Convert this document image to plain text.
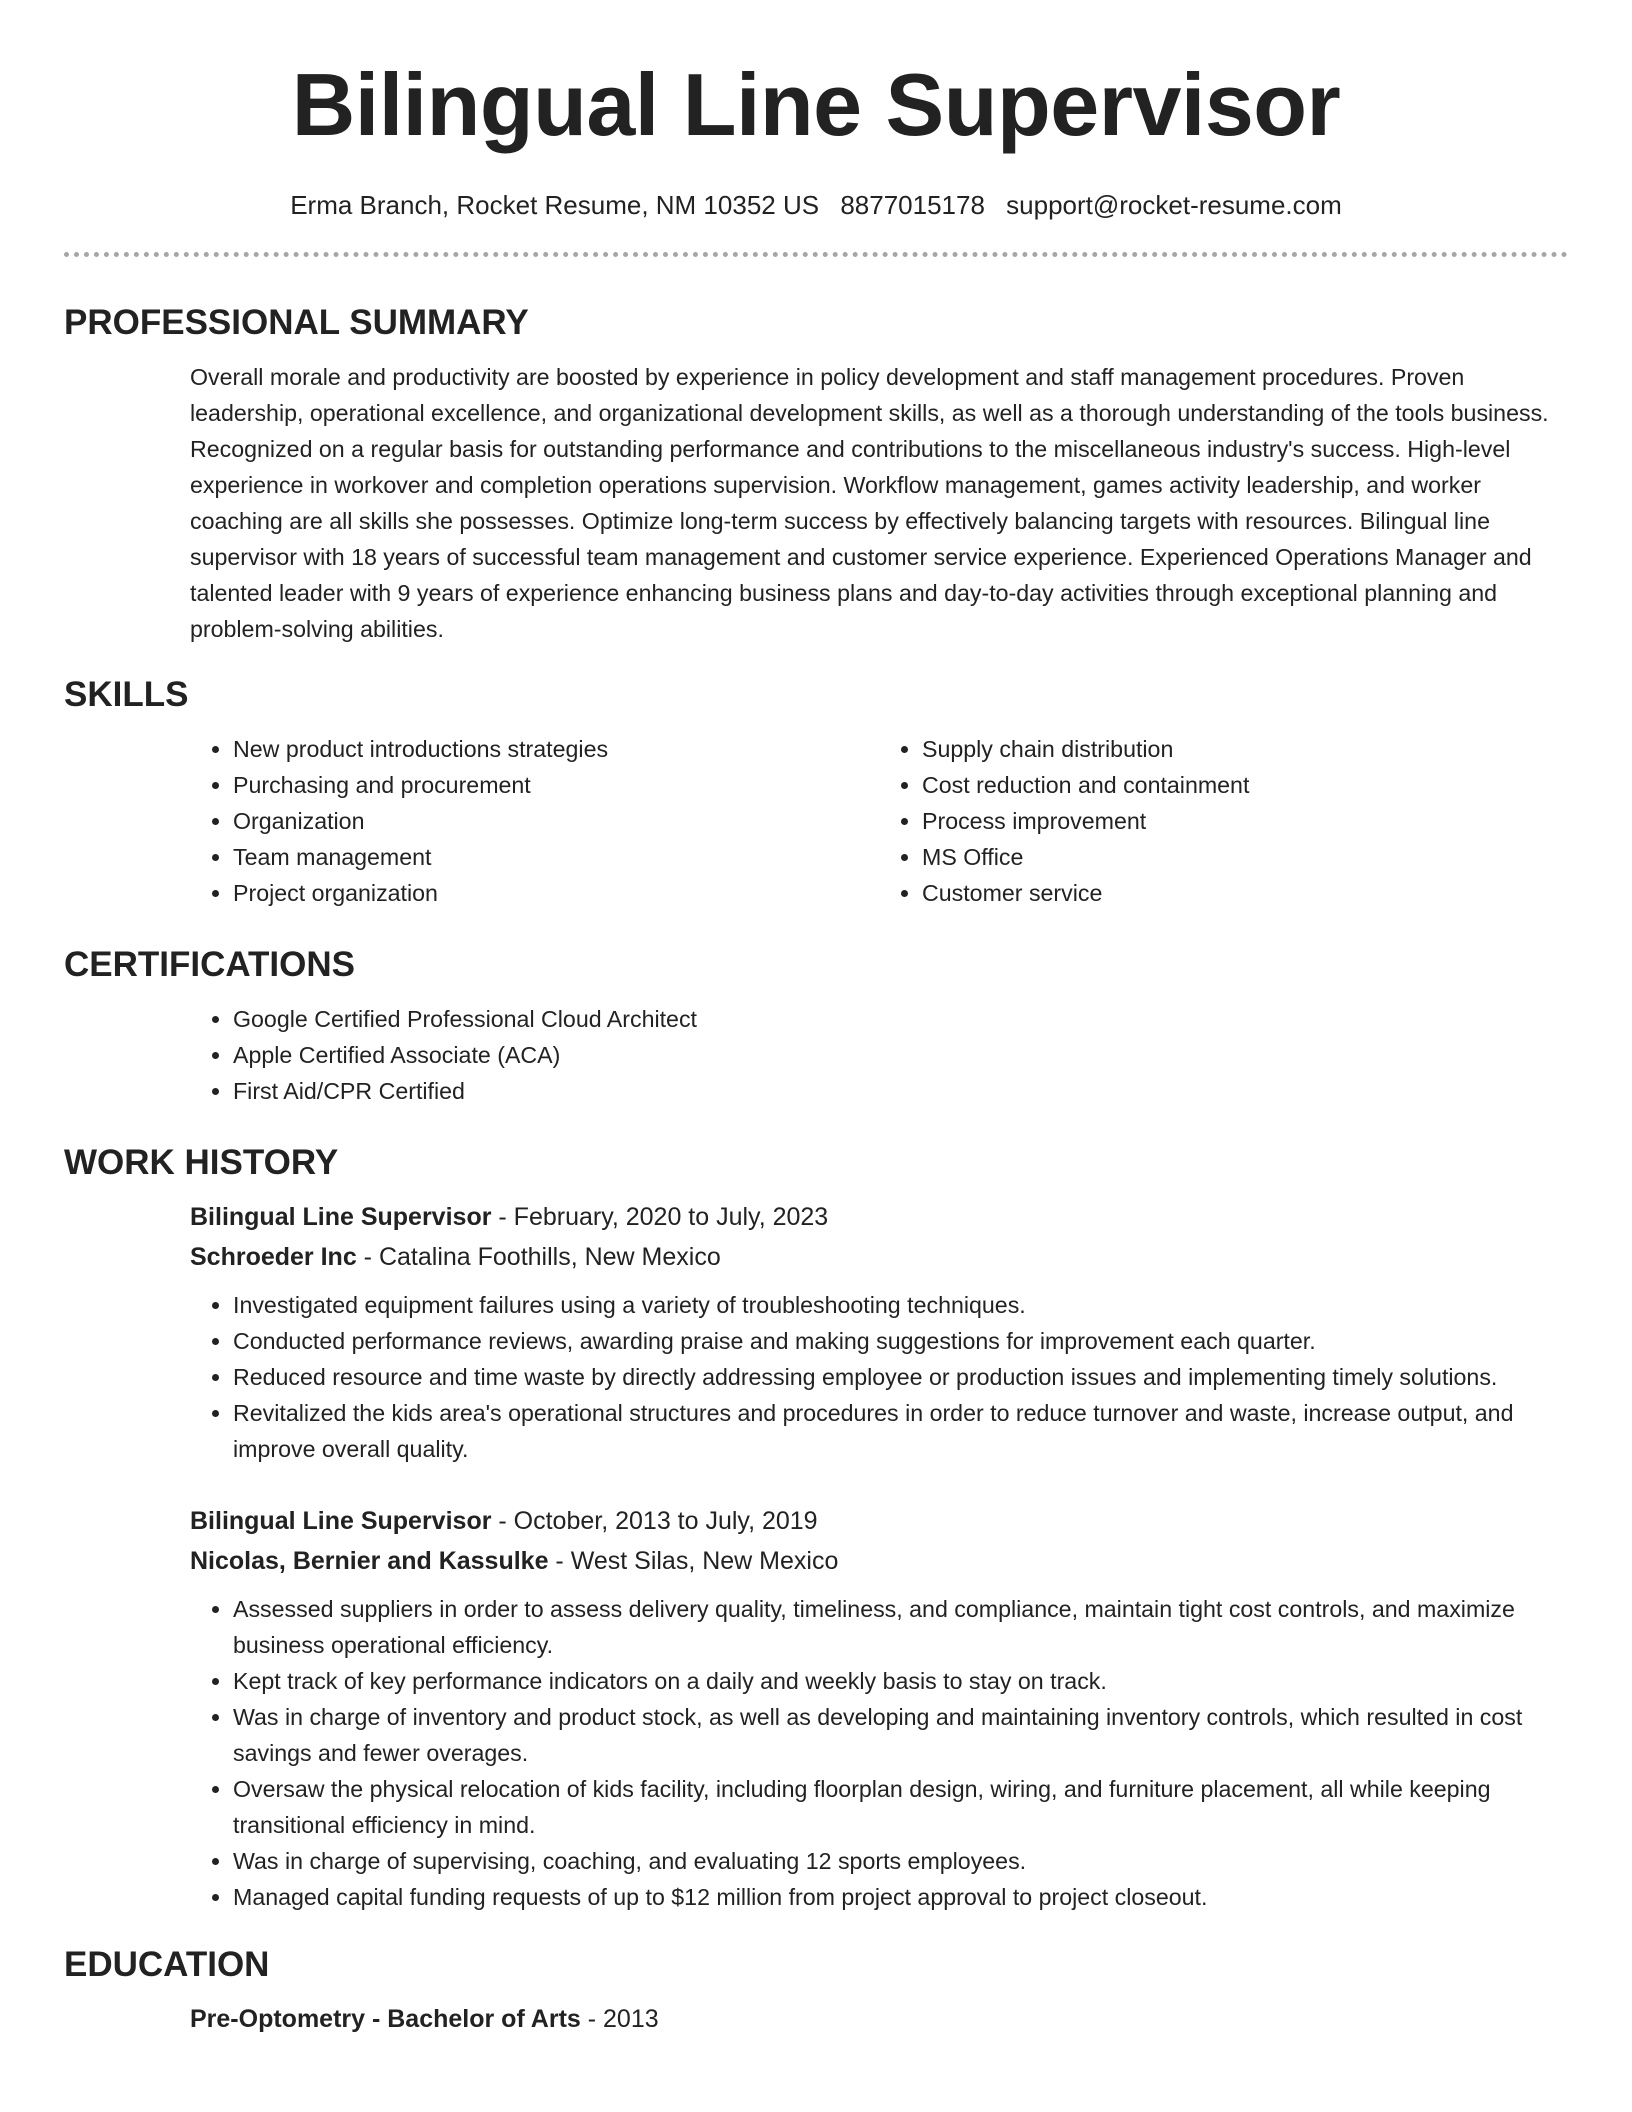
Bilingual Line Supervisor
Erma Branch, Rocket Resume, NM 10352 US 8877015178 support@rocket-resume.com
PROFESSIONAL SUMMARY

Overall morale and productivity are boosted by experience in policy development and staff management procedures. Proven leadership, operational excellence, and organizational development skills, as well as a thorough understanding of the tools business. Recognized on a regular basis for outstanding performance and contributions to the miscellaneous industry's success. High-level experience in workover and completion operations supervision. Workflow management, games activity leadership, and worker coaching are all skills she possesses. Optimize long-term success by effectively balancing targets with resources. Bilingual line supervisor with 18 years of successful team management and customer service experience. Experienced Operations Manager and talented leader with 9 years of experience enhancing business plans and day-to-day activities through exceptional planning and problem-solving abilities.

SKILLS
• New product introductions strategies
• Purchasing and procurement
• Organization
• Team management
• Project organization
• Supply chain distribution
• Cost reduction and containment
• Process improvement
• MS Office
• Customer service
CERTIFICATIONS
• Google Certified Professional Cloud Architect
• Apple Certified Associate (ACA)
• First Aid/CPR Certified
WORK HISTORY
Bilingual Line Supervisor - February, 2020 to July, 2023
Schroeder Inc - Catalina Foothills, New Mexico
• Investigated equipment failures using a variety of troubleshooting techniques.
• Conducted performance reviews, awarding praise and making suggestions for improvement each quarter.
• Reduced resource and time waste by directly addressing employee or production issues and implementing timely solutions.
• Revitalized the kids area's operational structures and procedures in order to reduce turnover and waste, increase output, and improve overall quality.
Bilingual Line Supervisor - October, 2013 to July, 2019
Nicolas, Bernier and Kassulke - West Silas, New Mexico
• Assessed suppliers in order to assess delivery quality, timeliness, and compliance, maintain tight cost controls, and maximize business operational efficiency.
• Kept track of key performance indicators on a daily and weekly basis to stay on track.
• Was in charge of inventory and product stock, as well as developing and maintaining inventory controls, which resulted in cost savings and fewer overages.
• Oversaw the physical relocation of kids facility, including floorplan design, wiring, and furniture placement, all while keeping transitional efficiency in mind.
• Was in charge of supervising, coaching, and evaluating 12 sports employees.
• Managed capital funding requests of up to $12 million from project approval to project closeout.
EDUCATION
Pre-Optometry - Bachelor of Arts - 2013
